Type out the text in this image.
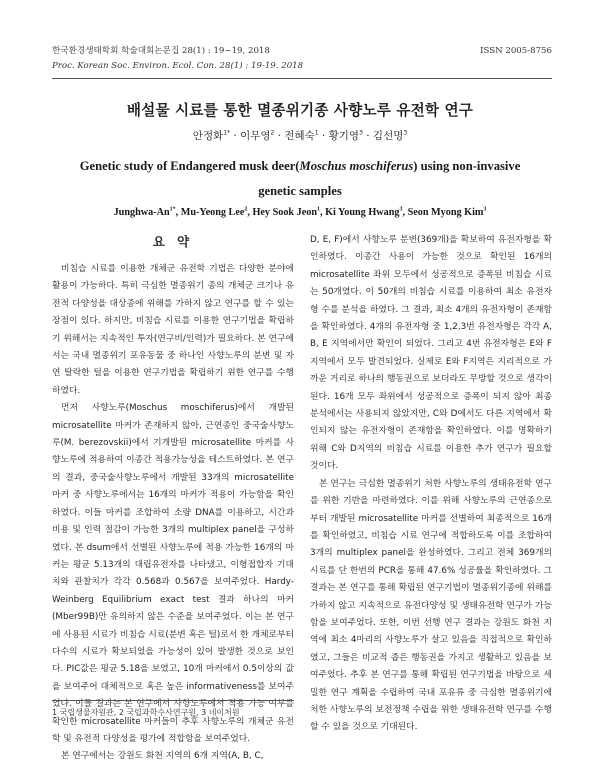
한국환경생태학회 학술대회논문집 28(1) : 19~19, 2018	ISSN 2005-8756
Proc. Korean Soc. Environ. Ecol. Con. 28(1) : 19-19. 2018
배설물 시료를 통한 멸종위기종 사향노루 유전학 연구
안정화$^{1*}$ · 이무영$^2$ · 전혜숙$^1$ · 황기영$^3$ · 김선명$^3$
Genetic study of Endangered musk deer(Moschus moschiferus) using non-invasive genetic samples
Junghwa-$An^{1*}$, Mu-Yeong Lee$^2$, Hey Sook Jeon$^1$, Ki Young Hwang$^3$, Seon Myong Kim$^3$
요 약

비침습 시료를 이용한 개체군 유전학 기법은 다양한 분야에 활용이 가능하다. 특히 극심한 멸종위기 종의 개체군 크기나 유전적 다양성을 대상종에 위해를 가하지 않고 연구를 할 수 있는 장점이 있다. 하지만, 비침습 시료를 이용한 연구기법을 확립하기 위해서는 지속적인 투자(연구비/인력)가 필요하다. 본 연구에서는 국내 멸종위기 포유동물 중 하나인 사향노루의 분변 및 자연 탈락한 털을 이용한 연구기법을 확립하기 위한 연구를 수행하였다.

먼저 사향노루(Moschus moschiferus)에서 개발된 microsatellite 마커가 존재하지 않아, 근연종인 중국술사향노루(M. berezovskii)에서 기개발된 microsatellite 마커를 사향노루에 적용하여 이종간 적용가능성을 테스트하였다. 본 연구의 결과, 중국술사향노루에서 개발된 33개의 microsatellite 마커 중 사향노루에서는 16개의 마커가 적용이 가능함을 확인하였다. 이들 마커를 조합하여 소량 DNA를 이용하고, 시간과 비용 및 인력 절감이 가능한 3개의 multiplex panel을 구성하였다. 본 dsum에서 선별된 사향노루에 적용 가능한 16개의 마커는 평균 5.13개의 대립유전자를 나타냈고, 이형접합자 기대치와 관찰치가 각각 0.568과 0.567을 보여주었다. Hardy-Weinberg Equilibrium exact test 결과 하나의 마커(Mber99B)만 유의하지 않은 수준을 보여주었다. 이는 본 연구에 사용된 시료가 비침습 시료(분변 혹은 털)로서 한 개체로부터 다수의 시료가 확보되었을 가능성이 있어 발생한 것으로 보인다. PIC값은 평균 5.18을 보였고, 10개 마커에서 0.5이상의 값을 보여주어 대체적으로 혹은 높은 informativeness를 보여주었다. 이들 결과는 본 연구에서 사향노루에서 적용 가능 여부를 확인한 microsatellite 마커들이 추후 사향노루의 개체군 유전학 및 유전적 다양성을 평가에 적합함을 보여주었다.

본 연구에서는 강원도 화천 지역의 6개 지역(A, B, C,

D, E, F)에서 사향노루 분변(369개)을 확보하여 유전자형을 확인하였다. 이종간 사용이 가능한 것으로 확인된 16개의 microsatellite 좌위 모두에서 성공적으로 증폭된 비침습 시료는 50개였다. 이 50개의 비침습 시료를 이용하여 최소 유전자형 수를 분석을 하였다. 그 결과, 최소 4개의 유전자형이 존재함을 확인하였다. 4개의 유전자형 중 1,2,3번 유전자형은 각각 A, B, E 지역에서만 확인이 되었다. 그리고 4번 유전자형은 E와 F지역에서 모두 발견되었다. 실제로 E와 F지역은 지리적으로 가까운 거리로 하나의 행동권으로 보더라도 무방할 것으로 생각이 된다. 16개 모두 좌위에서 성공적으로 증폭이 되지 않아 최종 분석에서는 사용되지 않았지만, C와 D에서도 다른 지역에서 확인되지 않는 유전자형이 존재함을 확인하였다. 이를 명확하기 위해 C와 D지역의 비침습 시료를 이용한 추가 연구가 필요할 것이다.

본 연구는 극심한 멸종위기 처한 사향노루의 생태유전학 연구를 위한 기반을 마련하였다. 이를 위해 사향노루의 근연종으로부터 개발된 microsatellite 마커를 선별하여 최종적으로 16개를 확인하였고, 비침습 시료 연구에 적합하도록 이를 조합하여 3개의 multiplex panel을 완성하였다. 그리고 전체 369개의 시료를 단 한번의 PCR을 통해 47.6% 성공률을 확인하였다. 그 결과는 본 연구를 통해 확립된 연구기법이 멸종위기종에 위해를 가하지 않고 지속적으로 유전다양성 및 생태유전학 연구가 가능함을 보여주었다. 또한, 이번 선행 연구 결과는 강원도 화천 지역에 최소 4마리의 사향노루가 살고 있음을 직접적으로 확인하였고, 그들은 비교적 좁은 행동권을 가지고 생활하고 있음을 보여주었다. 추후 본 연구를 통해 확립된 연구기법을 바탕으로 세밀한 연구 계획을 수립하여 국내 포유류 중 극심한 멸종위기에 처한 사향노루의 보전정책 수립을 위한 생태유전학 연구를 수행할 수 있을 것으로 기대된다.

1 국립생물자원관, 2 국립과학수사연구원, 3 네이처원
